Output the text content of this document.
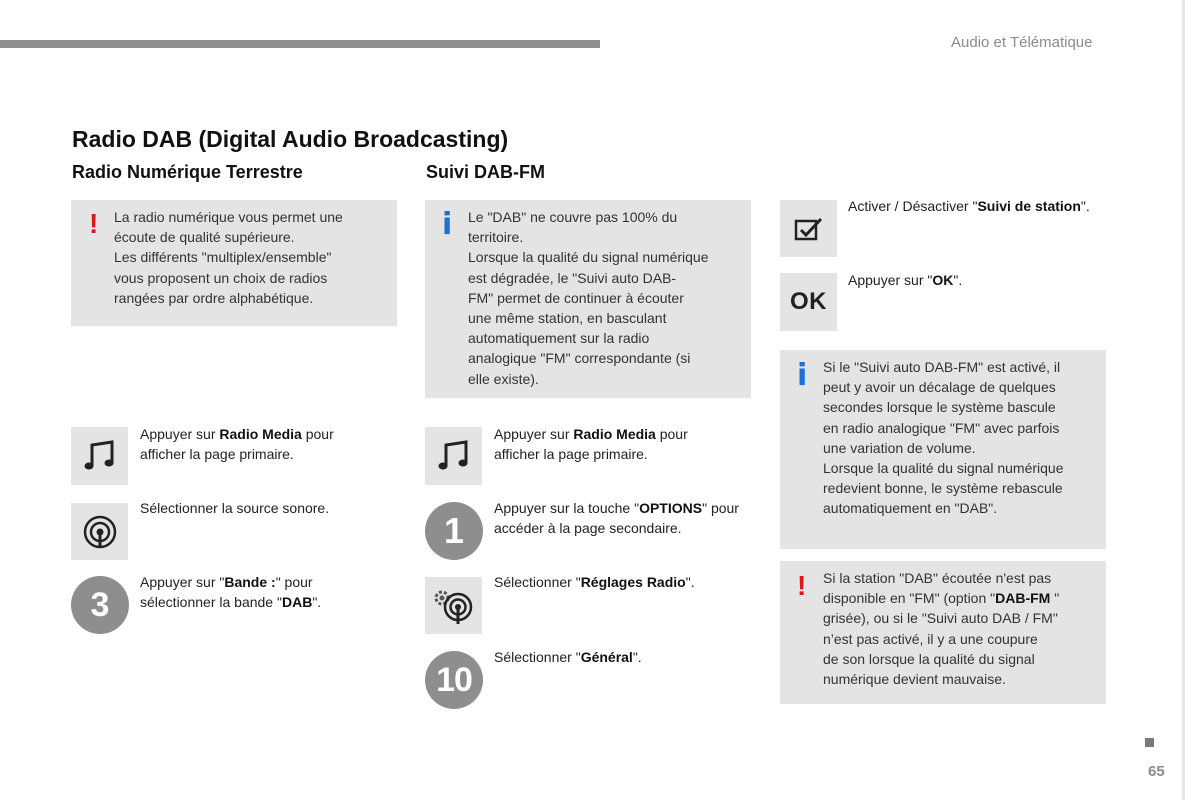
Audio et Télématique
Radio DAB (Digital Audio Broadcasting)
Radio Numérique Terrestre
! La radio numérique vous permet une
écoute de qualité supérieure.
Les différents "multiplex/ensemble"
vous proposent un choix de radios
rangées par ordre alphabétique.
Appuyer sur Radio Media pour afficher la page primaire.
Sélectionner la source sonore.
3
Appuyer sur "Bande :" pour sélectionner la bande "DAB".
Suivi DAB-FM
i Le "DAB" ne couvre pas 100% du
territoire.
Lorsque la qualité du signal numérique
est dégradée, le "Suivi auto DAB-
FM" permet de continuer à écouter
une même station, en basculant
automatiquement sur la radio
analogique "FM" correspondante (si
elle existe).
Appuyer sur Radio Media pour afficher la page primaire.
1
Appuyer sur la touche "OPTIONS" pour accéder à la page secondaire.
Sélectionner "Réglages Radio".
10
Sélectionner "Général".
Activer / Désactiver "Suivi de station".
OK
Appuyer sur "OK".
i Si le "Suivi auto DAB-FM" est activé, il
peut y avoir un décalage de quelques
secondes lorsque le système bascule
en radio analogique "FM" avec parfois
une variation de volume.
Lorsque la qualité du signal numérique
redevient bonne, le système rebascule
automatiquement en "DAB".
! Si la station "DAB" écoutée n'est pas
disponible en "FM" (option "DAB-FM "
grisée), ou si le "Suivi auto DAB / FM"
n’est pas activé, il y a une coupure
de son lorsque la qualité du signal
numérique devient mauvaise.
65
